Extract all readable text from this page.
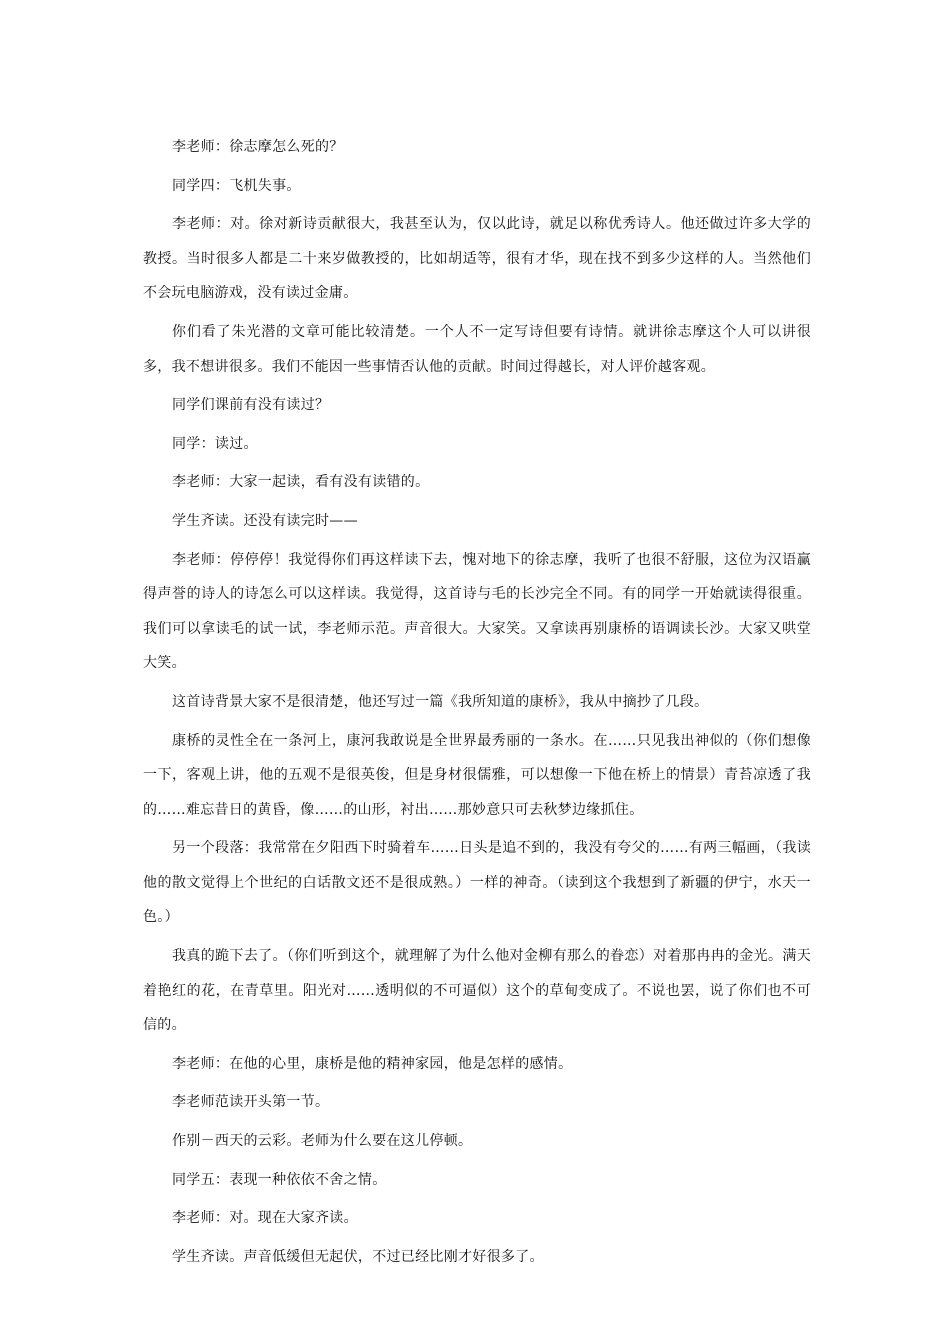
李老师：徐志摩怎么死的？

同学四：飞机失事。

李老师：对。徐对新诗贡献很大，我甚至认为，仅以此诗，就足以称优秀诗人。他还做过许多大学的教授。当时很多人都是二十来岁做教授的，比如胡适等，很有才华，现在找不到多少这样的人。当然他们不会玩电脑游戏，没有读过金庸。

你们看了朱光潜的文章可能比较清楚。一个人不一定写诗但要有诗情。就讲徐志摩这个人可以讲很多，我不想讲很多。我们不能因一些事情否认他的贡献。时间过得越长，对人评价越客观。

同学们课前有没有读过？

同学：读过。

李老师：大家一起读，看有没有读错的。

学生齐读。还没有读完时——

李老师：停停停！我觉得你们再这样读下去，愧对地下的徐志摩，我听了也很不舒服，这位为汉语赢得声誉的诗人的诗怎么可以这样读。我觉得，这首诗与毛的长沙完全不同。有的同学一开始就读得很重。我们可以拿读毛的试一试，李老师示范。声音很大。大家笑。又拿读再别康桥的语调读长沙。大家又哄堂大笑。

这首诗背景大家不是很清楚，他还写过一篇《我所知道的康桥》，我从中摘抄了几段。

康桥的灵性全在一条河上，康河我敢说是全世界最秀丽的一条水。在……只见我出神似的（你们想像一下，客观上讲，他的五观不是很英俊，但是身材很儒雅，可以想像一下他在桥上的情景）青苔凉透了我的……难忘昔日的黄昏，像……的山形，衬出……那妙意只可去秋梦边缘抓住。

另一个段落：我常常在夕阳西下时骑着车……日头是追不到的，我没有夸父的……有两三幅画，（我读他的散文觉得上个世纪的白话散文还不是很成熟。）一样的神奇。（读到这个我想到了新疆的伊宁，水天一色。）

我真的跪下去了。（你们听到这个，就理解了为什么他对金柳有那么的眷恋）对着那冉冉的金光。满天着艳红的花，在青草里。阳光对……透明似的不可逼似）这个的草甸变成了。不说也罢，说了你们也不可信的。

李老师：在他的心里，康桥是他的精神家园，他是怎样的感情。

李老师范读开头第一节。

作别－西天的云彩。老师为什么要在这儿停顿。

同学五：表现一种依依不舍之情。

李老师：对。现在大家齐读。

学生齐读。声音低缓但无起伏，不过已经比刚才好很多了。
